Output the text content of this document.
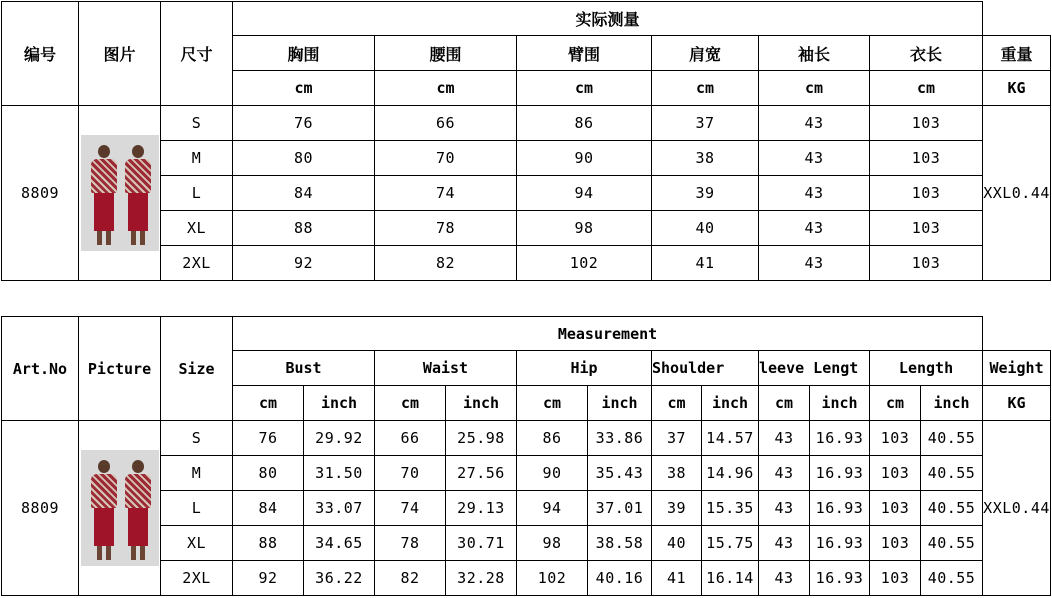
编号	图片	尺寸	实际测量						
			胸围	腰围	臂围	肩宽	袖长	衣长	重量
			cm	cm	cm	cm	cm	cm	KG
8809		S	76	66	86	37	43	103	XXL0.44
		M	80	70	90	38	43	103	
		L	84	74	94	39	43	103	
		XL	88	78	98	40	43	103	
		2XL	92	82	102	41	43	103	
Art.No	Picture	Size	Measurement												
			Bust		Waist		Hip		Shoulder		leeve Lengt		Length		Weight
			cm	inch	cm	inch	cm	inch	cm	inch	cm	inch	cm	inch	KG
8809		S	76	29.92	66	25.98	86	33.86	37	14.57	43	16.93	103	40.55	XXL0.44
		M	80	31.50	70	27.56	90	35.43	38	14.96	43	16.93	103	40.55	
		L	84	33.07	74	29.13	94	37.01	39	15.35	43	16.93	103	40.55	
		XL	88	34.65	78	30.71	98	38.58	40	15.75	43	16.93	103	40.55	
		2XL	92	36.22	82	32.28	102	40.16	41	16.14	43	16.93	103	40.55	
